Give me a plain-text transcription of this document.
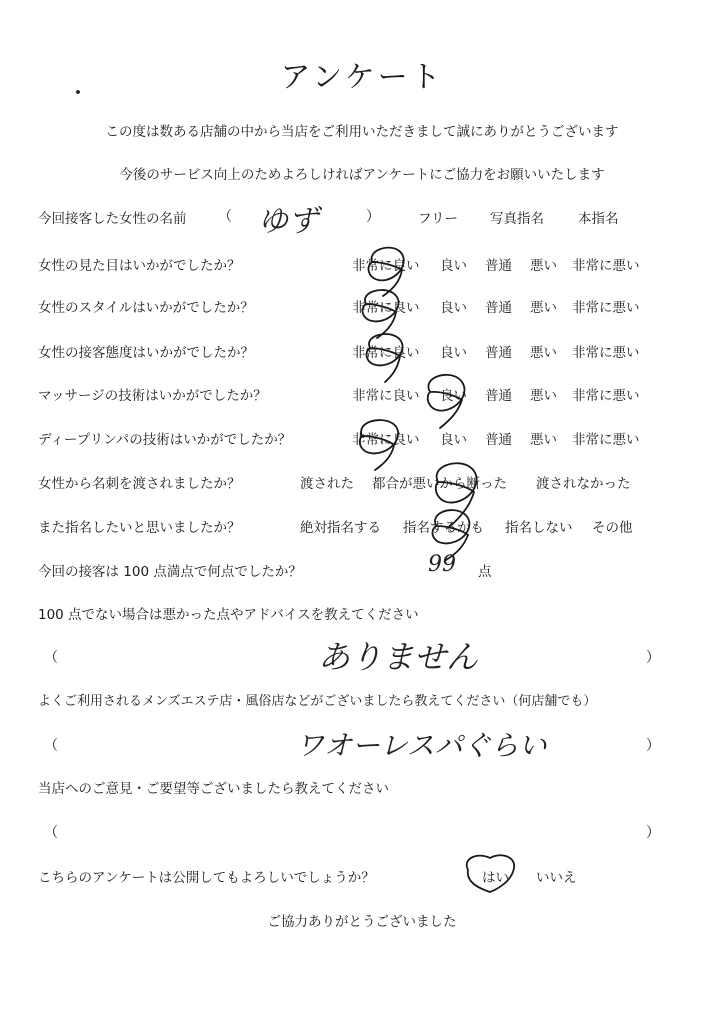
アンケート
この度は数ある店舗の中から当店をご利用いただきまして誠にありがとうございます
今後のサービス向上のためよろしければアンケートにご協力をお願いいたします
今回接客した女性の名前 （ ゆず	）	フリー 写真指名	本指名
女性の見た目はいかがでしたか？	非常に良い 良い 普通 悪い 非常に悪い
女性のスタイルはいかがでしたか？	非常に良い 良い 普通 悪い 非常に悪い
女性の接客態度はいかがでしたか？	非常に良い 良い 普通 悪い 非常に悪い
マッサージの技術はいかがでしたか？	非常に良い 良い 普通 悪い 非常に悪い
ディープリンパの技術はいかがでしたか？	非常に良い 良い 普通 悪い 非常に悪い
女性から名刺を渡されましたか？	渡された 都合が悪いから断った 渡されなかった
また指名したいと思いましたか？	絶対指名する 指名するかも 指名しない その他
今回の接客は 100 点満点で何点でしたか？	99 点
100 点でない場合は悪かった点やアドバイスを教えてください
（	ありません	）
よくご利用されるメンズエステ店・風俗店などがございましたら教えてください（何店舗でも）
（	ワオーレスパぐらい	）
当店へのご意見・ご要望等ございましたら教えてください
（	）
こちらのアンケートは公開してもよろしいでしょうか？	はい いいえ
ご協力ありがとうございました
